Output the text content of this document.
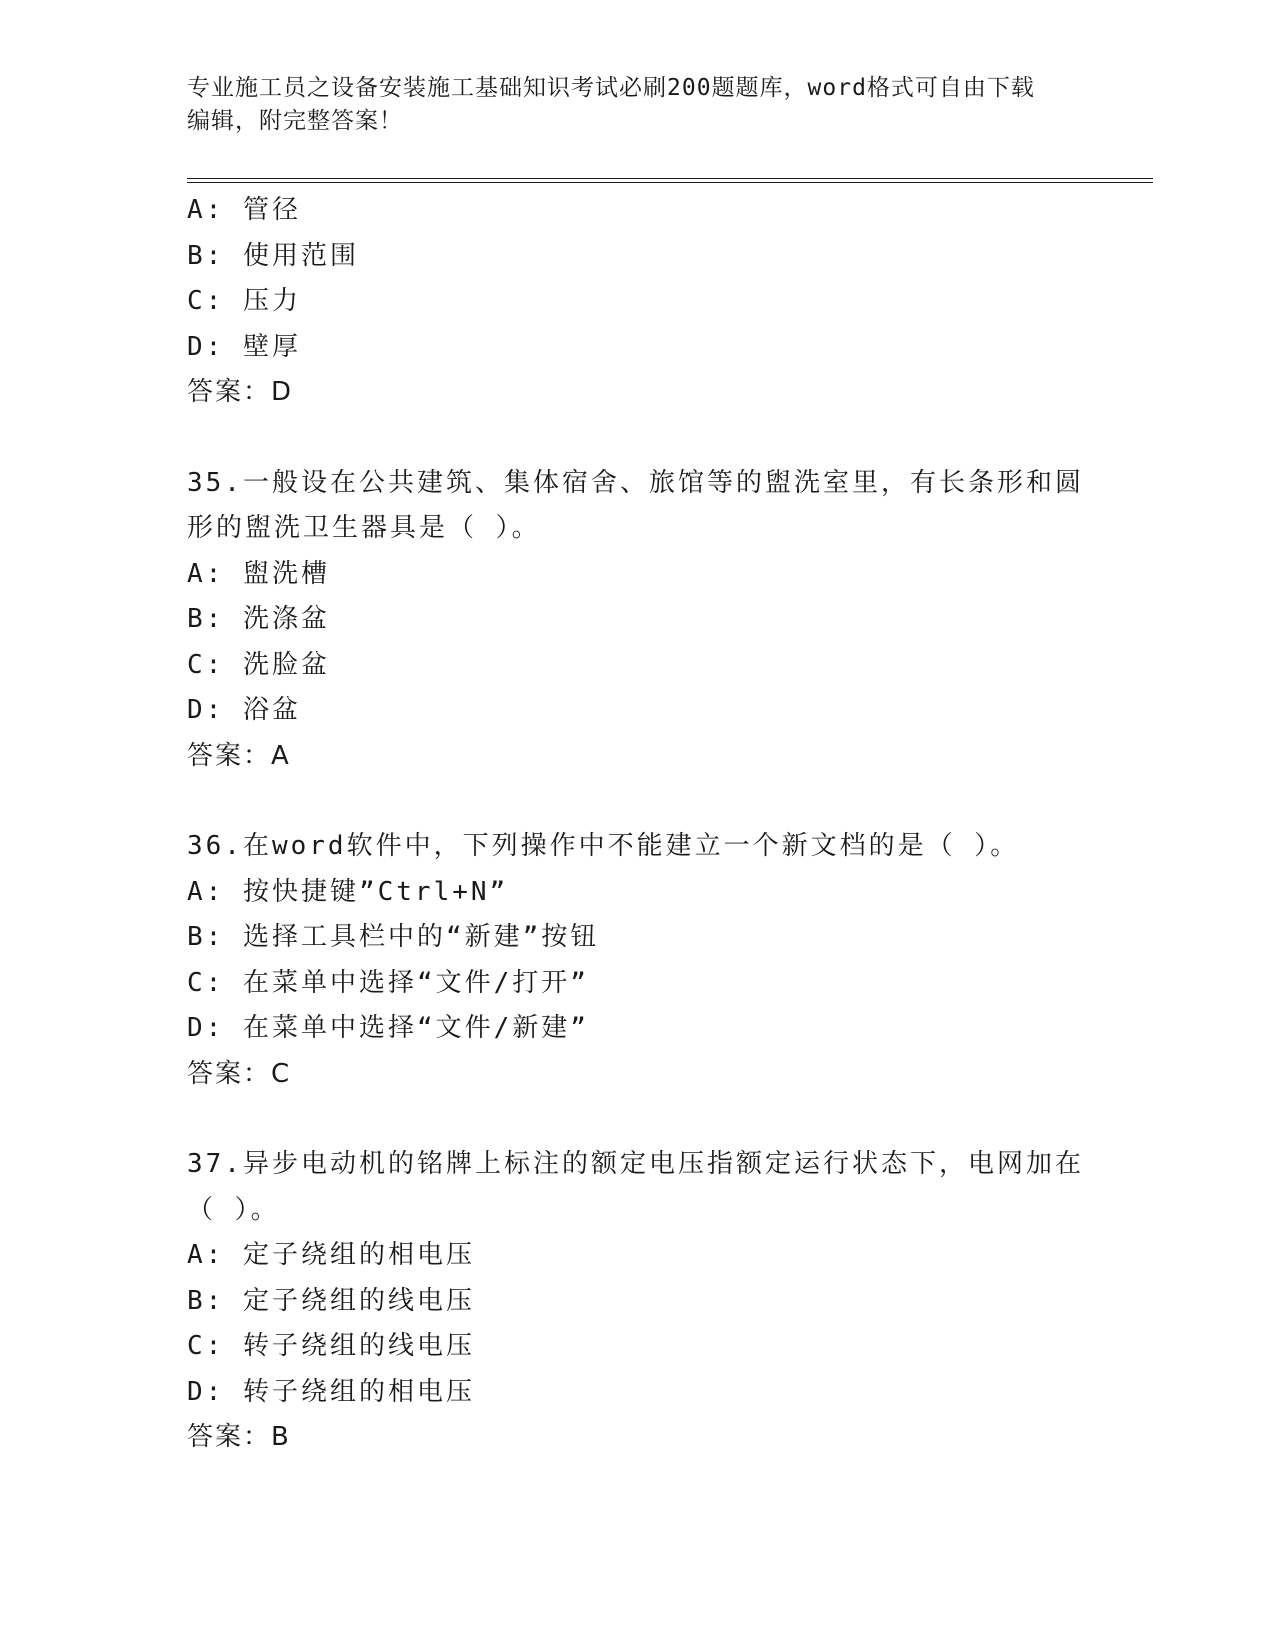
专业施工员之设备安装施工基础知识考试必刷200题题库，word格式可自由下载
编辑，附完整答案！
A: 管径
B: 使用范围
C: 压力
D: 壁厚
答案：D
35.一般设在公共建筑、集体宿舍、旅馆等的盥洗室里，有长条形和圆形的盥洗卫生器具是（ ）。
A: 盥洗槽
B: 洗涤盆
C: 洗脸盆
D: 浴盆
答案：A
36.在word软件中，下列操作中不能建立一个新文档的是（ ）。
A: 按快捷键”Ctrl+N”
B: 选择工具栏中的“新建”按钮
C: 在菜单中选择“文件/打开”
D: 在菜单中选择“文件/新建”
答案：C
37.异步电动机的铭牌上标注的额定电压指额定运行状态下，电网加在（ ）。
A: 定子绕组的相电压
B: 定子绕组的线电压
C: 转子绕组的线电压
D: 转子绕组的相电压
答案：B
